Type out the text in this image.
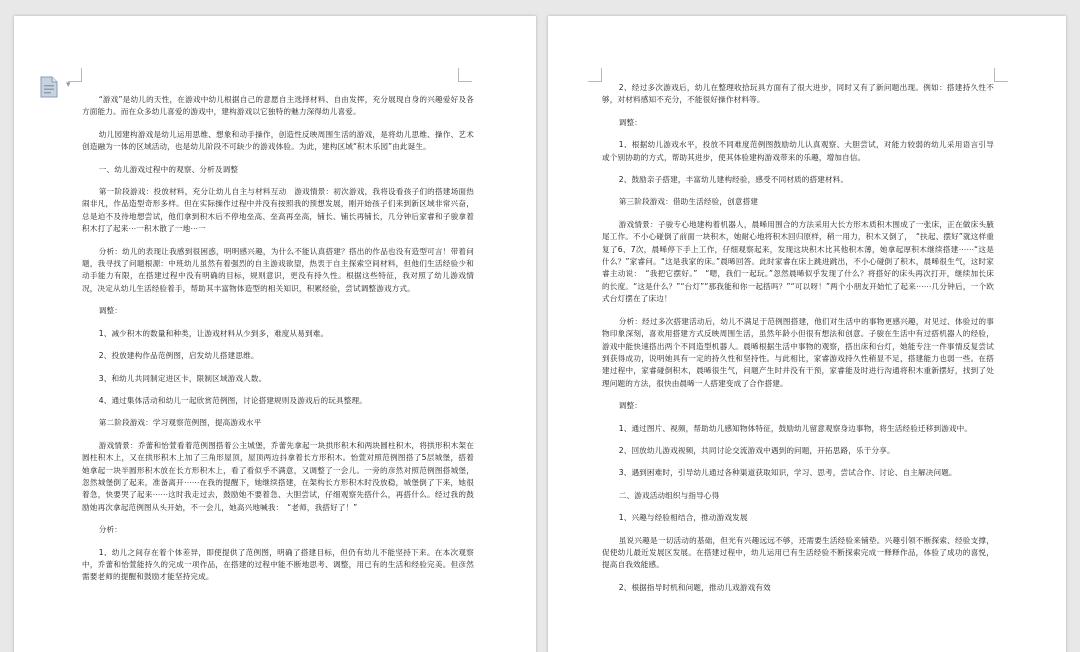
▾

“游戏”是幼儿的天性，在游戏中幼儿根据自己的意愿自主选择材料、自由发挥，充分展现自身的兴趣爱好及各方面能力。而在众多幼儿喜爱的游戏中，建构游戏以它独特的魅力深得幼儿喜爱。

幼儿园建构游戏是幼儿运用思维、想象和动手操作，创造性反映周围生活的游戏，是将幼儿思维、操作、艺术创造融为一体的区域活动，也是幼儿阶段不可缺少的游戏体验。为此，建构区域“积木乐园”由此诞生。

一、幼儿游戏过程中的观察、分析及调整

第一阶段游戏：投放材料，充分让幼儿自主与材料互动　游戏情景：初次游戏，我将设看孩子们的搭建场面热闹非凡，作品造型奇形多样。但在实际操作过程中并没有按照我的预想发展，刚开始孩子们来到新区域非常兴奋，总是迫不及待地想尝试，他们拿到积木后不停地垒高、垒高再垒高，铺长、铺长再铺长，几分钟后家睿和子骏拿着积木打了起来⋯一积木散了一地⋯一

分析：幼儿的表现让我感到很困惑，明明感兴趣，为什么不能认真搭建？搭出的作品也没有造型可言！带着问题，我寻找了问题根源：中班幼儿虽然有着强烈的自主游戏欲望，热衷于自主探索空间材料，但他们生活经验少和动手能力有限，在搭建过程中没有明确的目标，规则意识，更没有持久性。根据这些特征，我对照了幼儿游戏情况，决定从幼儿生活经验着手，帮助其丰富物体造型的相关知识，积累经验，尝试调整游戏方式。

调整：

1、减少积木的数量和种类，让游戏材料从少到多，难度从易到难。

2、投放建构作品范例图，启发幼儿搭建思维。

3、和幼儿共同制定进区卡，限制区域游戏人数。

4、通过集体活动和幼儿一起欣赏范例图，讨论搭建规则及游戏后的玩具整理。

第二阶段游戏：学习观察范例图，提高游戏水平

游戏情景：乔蕾和怡萱看着范例图搭着公主城堡，乔蕾先拿起一块拱形积木和两块圆柱积木，将拱形积木架在圆柱积木上，又在拱形积木上加了三角形屋顶，屋顶两边抖拿着长方形积木。怡萱对照范例图搭了5层城堡，搭着她拿起一块半圆形积木放在长方形积木上，看了看似乎不满意，又调整了一会儿。一旁的彦然对照范例图搭城堡，忽然城堡倒了起来，准备离开⋯⋯在我的提醒下，她继续搭建，在架构长方形积木时没放稳，城堡倒了下来，她很着急，快要哭了起来⋯⋯这时我走过去，鼓励她不要着急、大胆尝试，仔细观察先搭什么，再搭什么。经过我的鼓励她再次拿起范例图从头开始，不一会儿，她高兴地喊我：　“老师，我搭好了！”

分析：

1、幼儿之间存在着个体差异，即使提供了范例图，明确了搭建目标，但仍有幼儿不能坚持下来。在本次观察中，乔蕾和怡萱能持久的完成一项作品，在搭建的过程中能不断地思考、调整，用已有的生活和经验完美。但彦然需要老师的提醒和鼓励才能坚持完成。

2、经过多次游戏后，幼儿在整理收拾玩具方面有了很大进步，同时又有了新问题出现。例如：搭建持久性不够，对材料感知不充分，不能很好操作材料等。

调整：

1、根据幼儿游戏水平，投放不同难度范例图鼓励幼儿认真观察、大胆尝试，对能力较弱的幼儿采用语言引导或个别协助的方式，帮助其进步，使其体验建构游戏带来的乐趣，增加自信。

2、鼓励亲子搭建，丰富幼儿建构经验，感受不同材质的搭建材料。

第三阶段游戏：借助生活经验，创意搭建

游戏情景：子骏专心地建构着机器人，晨晞用围合的方法采用大长方形木质积木围成了一张床，正在做床头腋尾工作。不小心碰倒了前面一块积木，她耐心地将积木回归原样，稍一用力，积木又倒了，　“扶起、摆好”就这样重复了6、7次，晨晞停下手上工作，仔细观察起来，发现这块积木比其他积木薄，她拿起厚积木继续搭建⋯⋯“这是什么？”家睿问。“这是我家的床。”晨晞回答。此时家睿在床上跳进跳出，不小心碰倒了积木，晨晞很生气，这时家睿主动说：　“我把它摆好。”　“嗯，我们一起玩。”忽然晨晞似乎发现了什么？将搭好的床头再次打开，继续加长床的长度。“这是什么？”“台灯”“那我能和你一起搭吗？”“可以呀！”两个小朋友开始忙了起来⋯⋯几分钟后，一个欧式台灯摆在了床边！

分析：经过多次搭建活动后，幼儿不满足于范例图搭建，他们对生活中的事物更感兴趣，对见过、体验过的事物印象深刻，喜欢用搭建方式反映周围生活，虽然年龄小但很有想法和创意。子骏在生活中有过搭机器人的经验，游戏中能快速搭出两个不同造型机器人。晨晞根据生活中事物的观察，搭出床和台灯，她能专注一件事情反复尝试到获得成功，说明她具有一定的持久性和坚持性。与此相比，家睿游戏持久性稍显不足，搭建能力也弱一些。在搭建过程中，家睿碰倒积木，晨晞很生气，问题产生时并没有干预，家睿能及时进行沟通将积木重新摆好，找到了处理问题的方法，很快由晨晞一人搭建变成了合作搭建。

调整：

1、通过图片、视频，帮助幼儿感知物体特征，鼓励幼儿留意观察身边事物，将生活经验迁移到游戏中。

2、回放幼儿游戏视频，共同讨论交流游戏中遇到的问题，开拓思路，乐于分享。

3、遇到困难时，引导幼儿通过各种渠道获取知识，学习、思考，尝试合作、讨论、自主解决问题。

二、游戏活动组织与指导心得

1、兴趣与经验相结合，推动游戏发展

虽说兴趣是一切活动的基础，但光有兴趣远远不够，还需要生活经验来铺垫。兴趣引领不断探索、经验支撑，促使幼儿最近发展区发展。在搭建过程中，幼儿运用已有生活经验不断探索完成一释释作品，体验了成功的喜悦，提高自我效能感。

2、根据指导时机和问题，推动儿戏游戏有效
